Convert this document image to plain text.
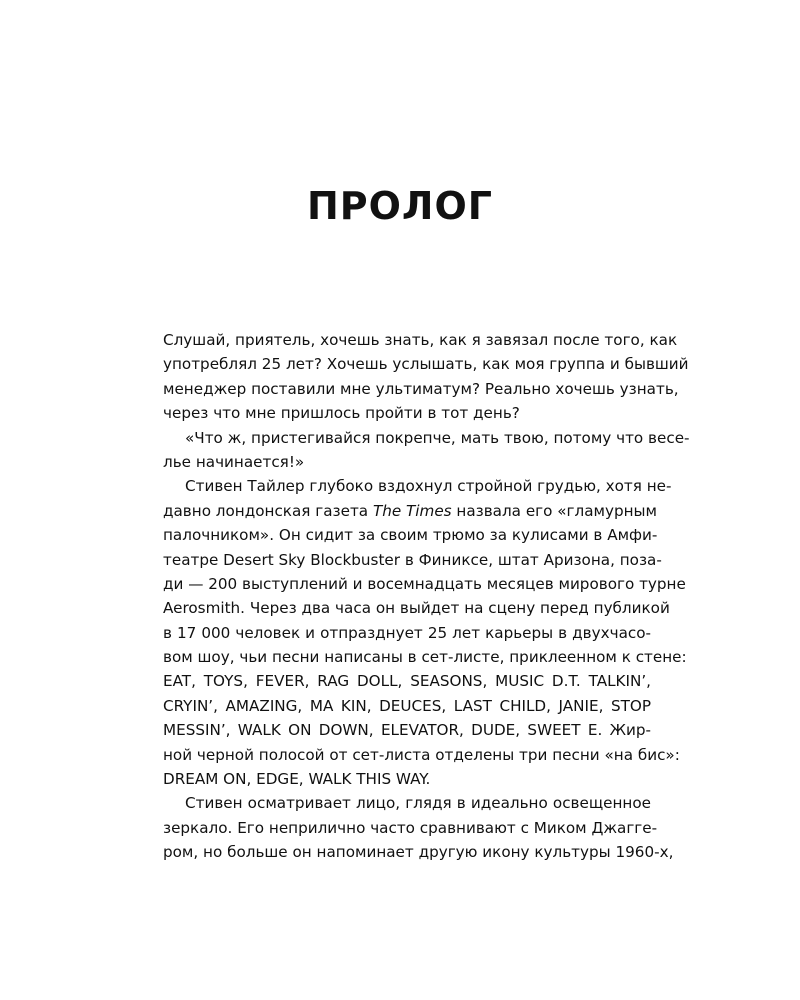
ПРОЛОГ
Слушай, приятель, хочешь знать, как я завязал после того, как
употреблял 25 лет? Хочешь услышать, как моя группа и бывший
менеджер поставили мне ультиматум? Реально хочешь узнать,
через что мне пришлось пройти в тот день?
«Что ж, пристегивайся покрепче, мать твою, потому что весе-
лье начинается!»
Стивен Тайлер глубоко вздохнул стройной грудью, хотя не-
давно лондонская газета The Times назвала его «гламурным
палочником». Он сидит за своим трюмо за кулисами в Амфи-
театре Desert Sky Blockbuster в Финиксе, штат Аризона, поза-
ди — 200 выступлений и восемнадцать месяцев мирового турне
Aerosmith. Через два часа он выйдет на сцену перед публикой
в 17 000 человек и отпразднует 25 лет карьеры в двухчасо-
вом шоу, чьи песни написаны в сет-листе, приклеенном к стене:
EAT, TOYS, FEVER, RAG DOLL, SEASONS, MUSIC D.T. TALKIN’,
CRYIN’, AMAZING, MA KIN, DEUCES, LAST CHILD, JANIE, STOP
MESSIN’, WALK ON DOWN, ELEVATOR, DUDE, SWEET E. Жир-
ной черной полосой от сет-листа отделены три песни «на бис»:
DREAM ON, EDGE, WALK THIS WAY.
Стивен осматривает лицо, глядя в идеально освещенное
зеркало. Его неприлично часто сравнивают с Миком Джагге-
ром, но больше он напоминает другую икону культуры 1960-х,
